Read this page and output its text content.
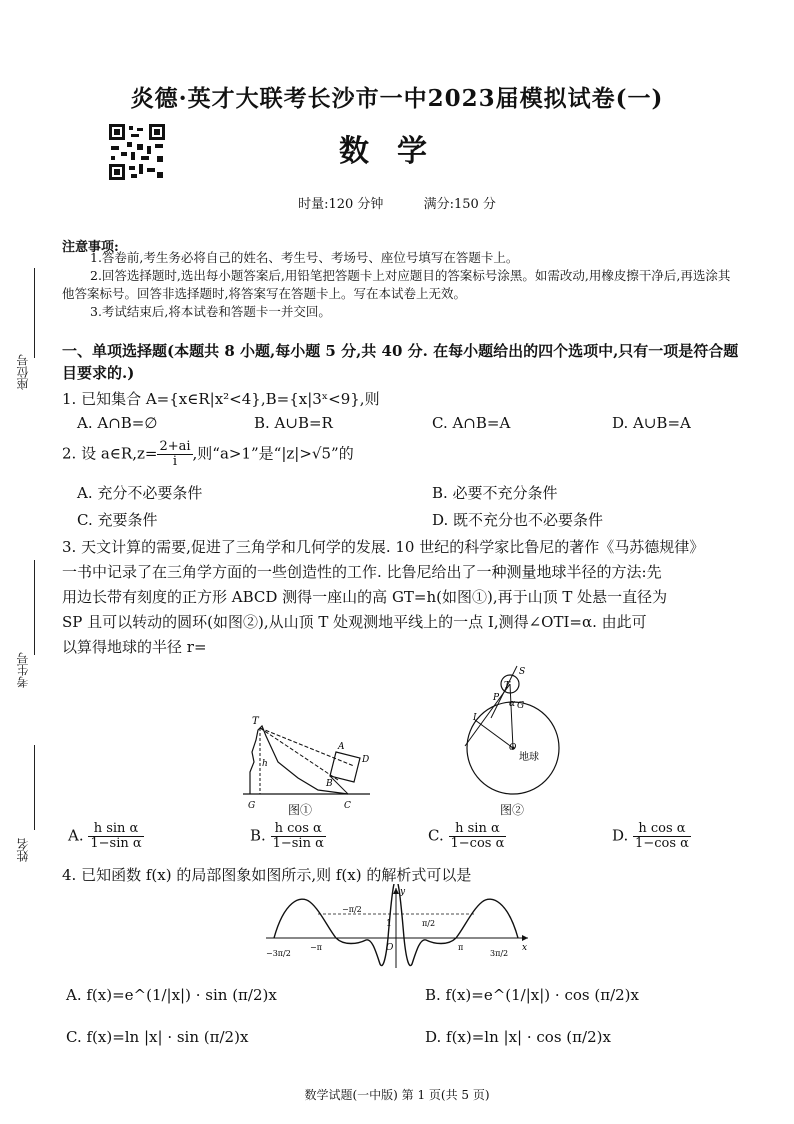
炎德·英才大联考长沙市一中2023届模拟试卷(一)
数学
时量:120 分钟	满分:150 分
座位号
考生号
姓名
注意事项:
1.答卷前,考生务必将自己的姓名、考生号、考场号、座位号填写在答题卡上。
2.回答选择题时,选出每小题答案后,用铅笔把答题卡上对应题目的答案标号涂黑。如需改动,用橡皮擦干净后,再选涂其他答案标号。回答非选择题时,将答案写在答题卡上。写在本试卷上无效。
3.考试结束后,将本试卷和答题卡一并交回。
一、单项选择题(本题共 8 小题,每小题 5 分,共 40 分. 在每小题给出的四个选项中,只有一项是符合题目要求的.)
1. 已知集合 A={x∈R|x²<4},B={x|3ˣ<9},则
A. A∩B=∅	B. A∪B=R	C. A∩B=A	D. A∪B=A
2. 设 a∈R,z= $\frac{2+ai}{i}$ ,则“a>1”是“|z|>√5”的
A. 充分不必要条件	B. 必要不充分条件
C. 充要条件	D. 既不充分也不必要条件
3. 天文计算的需要,促进了三角学和几何学的发展. 10 世纪的科学家比鲁尼的著作《马苏德规律》
一书中记录了在三角学方面的一些创造性的工作. 比鲁尼给出了一种测量地球半径的方法:先
用边长带有刻度的正方形 ABCD 测得一座山的高 GT=h(如图①),再于山顶 T 处悬一直径为
SP 且可以转动的圆环(如图②),从山顶 T 处观测地平线上的一点 I,测得∠OTI=α. 由此可
以算得地球的半径 r=
T
h
A
D
B
G	C
图①
S
T
P
α G
I
O
地球
图②
A. $\frac{\text{h sin α}}{\text{1−sin α}}$	B. $\frac{\text{h cos α}}{\text{1−sin α}}$	C. $\frac{\text{h sin α}}{\text{1−cos α}}$	D. $\frac{\text{h cos α}}{\text{1−cos α}}$
4. 已知函数 f(x) 的局部图象如图所示,则 f(x) 的解析式可以是
x
y
1
O
−π/2
π/2
−π	π
−3π/2	3π/2
A. f(x)=e^(1/|x|) · sin (π/2)x	B. f(x)=e^(1/|x|) · cos (π/2)x
C. f(x)=ln |x| · sin (π/2)x	D. f(x)=ln |x| · cos (π/2)x
数学试题(一中版) 第 1 页(共 5 页)
